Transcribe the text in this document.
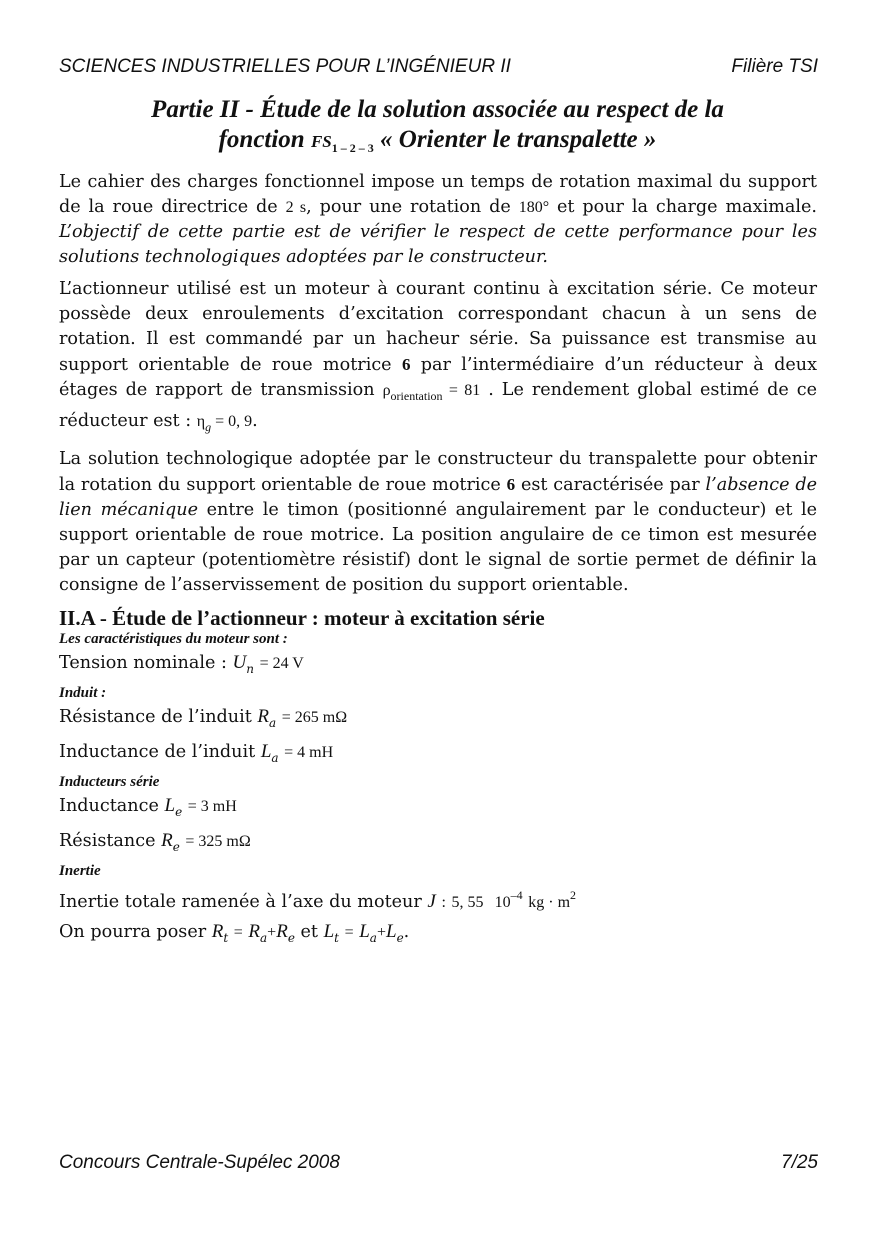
SCIENCES INDUSTRIELLES POUR L’INGÉNIEUR II	Filière TSI
Partie II - Étude de la solution associée au respect de la
fonction $FS_{1 - 2 - 3}$ « Orienter le transpalette »

Le cahier des charges fonctionnel impose un temps de rotation maximal du support de la roue directrice de 2 s, pour une rotation de 180° et pour la charge maximale. L’objectif de cette partie est de vérifier le respect de cette performance pour les solutions technologiques adoptées par le constructeur.

L’actionneur utilisé est un moteur à courant continu à excitation série. Ce moteur possède deux enroulements d’excitation correspondant chacun à un sens de rotation. Il est commandé par un hacheur série. Sa puissance est transmise au support orientable de roue motrice 6 par l’intermédiaire d’un réducteur à deux étages de rapport de transmission $\rho_{orientation} = 81$ . Le rendement global estimé de ce réducteur est : $\eta_g = 0$, 9.

La solution technologique adoptée par le constructeur du transpalette pour obtenir la rotation du support orientable de roue motrice 6 est caractérisée par l’absence de lien mécanique entre le timon (positionné angulairement par le conducteur) et le support orientable de roue motrice. La position angulaire de ce timon est mesurée par un capteur (potentiomètre résistif) dont le signal de sortie permet de définir la consigne de l’asservissement de position du support orientable.

II.A - Étude de l’actionneur : moteur à excitation série
Les caractéristiques du moteur sont :
Tension nominale : $U_n = 24$ V
Induit :
Résistance de l’induit $R_a = 265$ mΩ
Inductance de l’induit $L_a = 4$ mH
Inducteurs série
Inductance $L_e = 3$ mH
Résistance $R_e = 325$ mΩ
Inertie
Inertie totale ramenée à l’axe du moteur J : 5, 55 $10^{-4}$ kg · $m^2$
On pourra poser $R_t = R_a+R_e$ et $L_t = L_a+L_e$.
Concours Centrale-Supélec 2008	7/25
